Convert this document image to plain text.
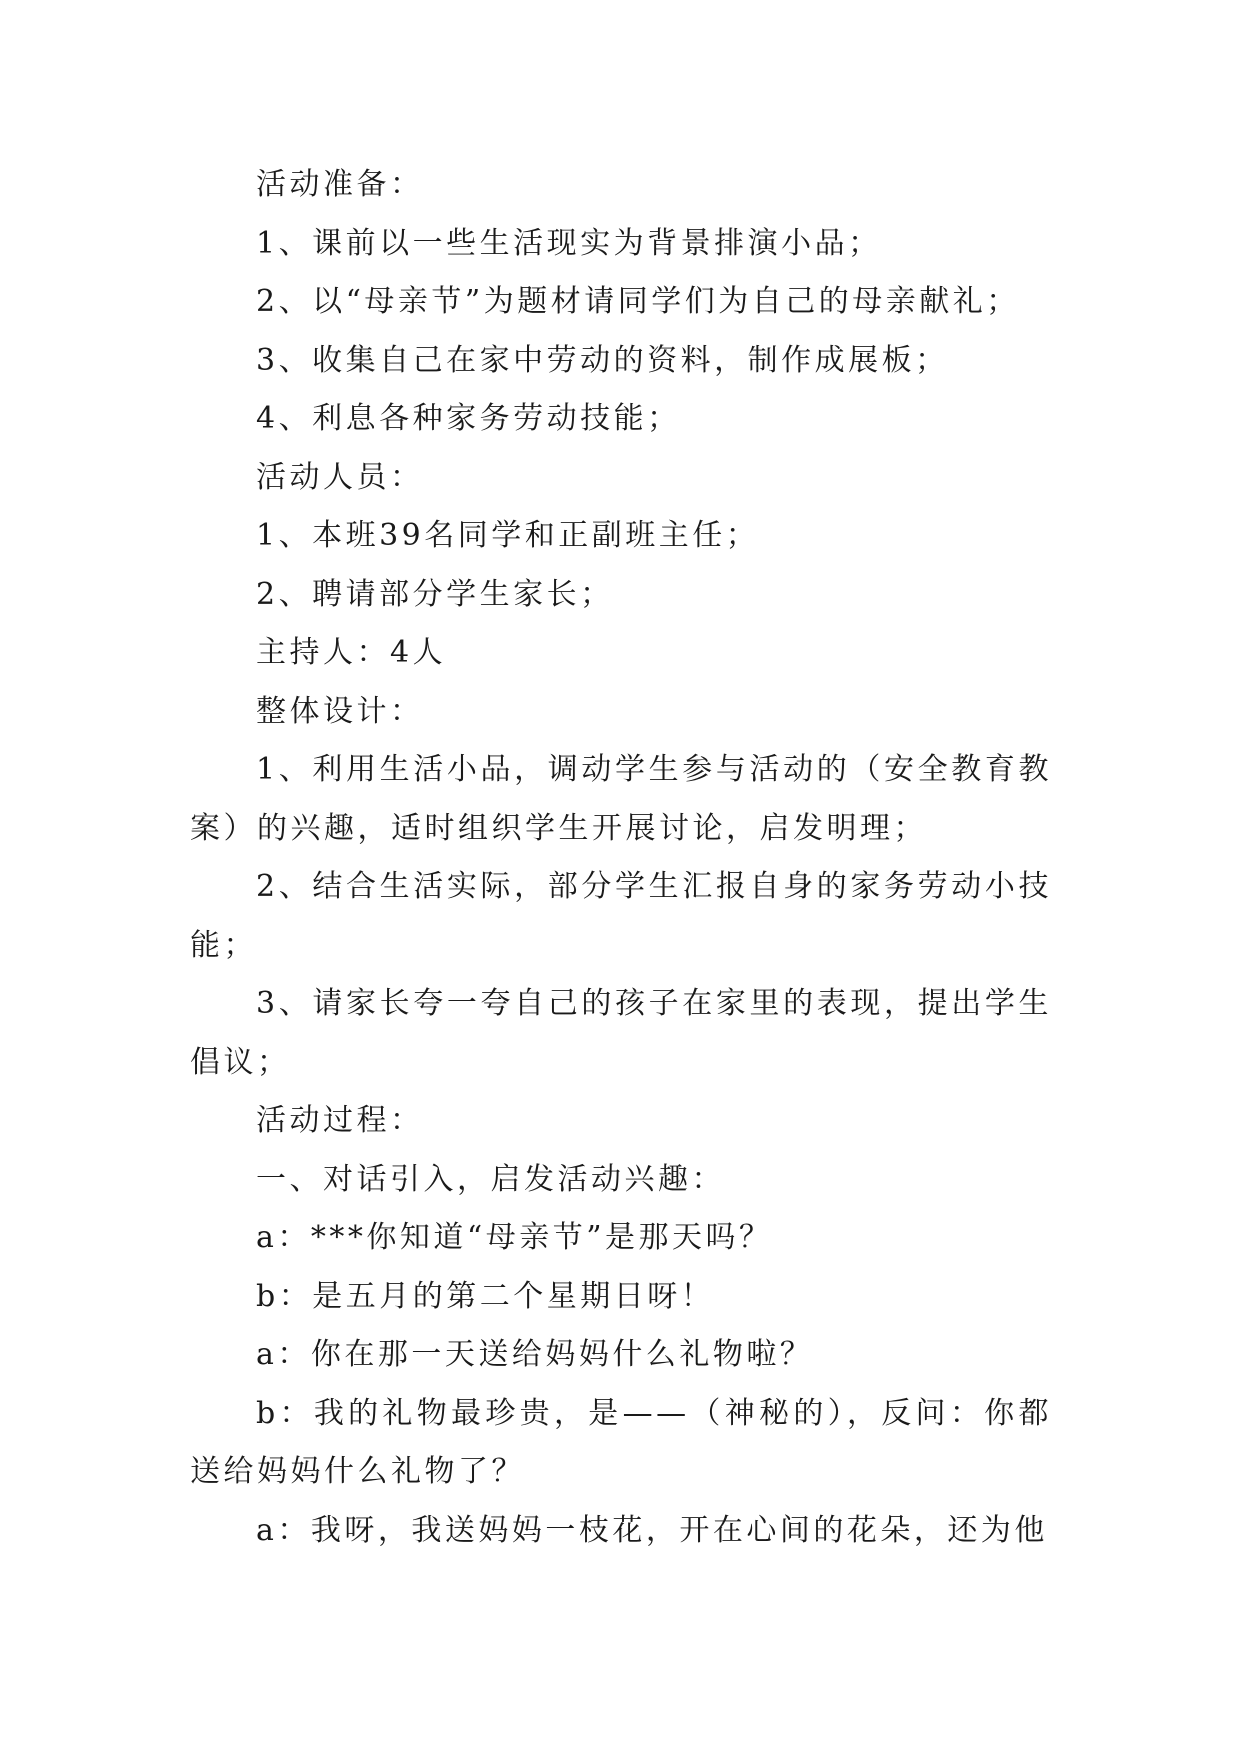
活动准备：

1、课前以一些生活现实为背景排演小品；

2、以“母亲节”为题材请同学们为自己的母亲献礼；

3、收集自己在家中劳动的资料，制作成展板；

4、利息各种家务劳动技能；

活动人员：

1、本班39名同学和正副班主任；

2、聘请部分学生家长；

主持人：4人

整体设计：

1、利用生活小品，调动学生参与活动的（安全教育教案）的兴趣，适时组织学生开展讨论，启发明理；

2、结合生活实际，部分学生汇报自身的家务劳动小技能；

3、请家长夸一夸自己的孩子在家里的表现，提出学生倡议；

活动过程：

一、对话引入，启发活动兴趣：

a：***你知道“母亲节”是那天吗？

b：是五月的第二个星期日呀！

a：你在那一天送给妈妈什么礼物啦？

b：我的礼物最珍贵，是——（神秘的），反问：你都送给妈妈什么礼物了？

a：我呀，我送妈妈一枝花，开在心间的花朵，还为他
